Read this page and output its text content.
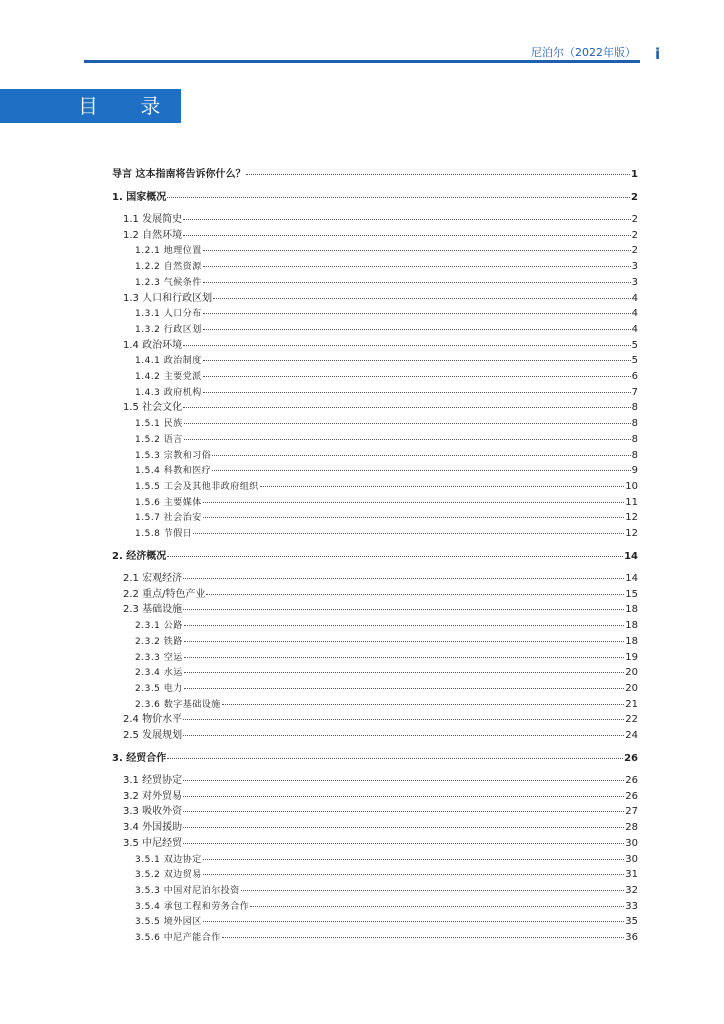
尼泊尔（2022年版） i
目 录
导言 这本指南将告诉你什么？	1
1. 国家概况	2
1.1 发展简史	2
1.2 自然环境	2
1.2.1 地理位置	2
1.2.2 自然资源	3
1.2.3 气候条件	3
1.3 人口和行政区划	4
1.3.1 人口分布	4
1.3.2 行政区划	4
1.4 政治环境	5
1.4.1 政治制度	5
1.4.2 主要党派	6
1.4.3 政府机构	7
1.5 社会文化	8
1.5.1 民族	8
1.5.2 语言	8
1.5.3 宗教和习俗	8
1.5.4 科教和医疗	9
1.5.5 工会及其他非政府组织	10
1.5.6 主要媒体	11
1.5.7 社会治安	12
1.5.8 节假日	12
2. 经济概况	14
2.1 宏观经济	14
2.2 重点/特色产业	15
2.3 基础设施	18
2.3.1 公路	18
2.3.2 铁路	18
2.3.3 空运	19
2.3.4 水运	20
2.3.5 电力	20
2.3.6 数字基础设施	21
2.4 物价水平	22
2.5 发展规划	24
3. 经贸合作	26
3.1 经贸协定	26
3.2 对外贸易	26
3.3 吸收外资	27
3.4 外国援助	28
3.5 中尼经贸	30
3.5.1 双边协定	30
3.5.2 双边贸易	31
3.5.3 中国对尼泊尔投资	32
3.5.4 承包工程和劳务合作	33
3.5.5 境外园区	35
3.5.6 中尼产能合作	36
